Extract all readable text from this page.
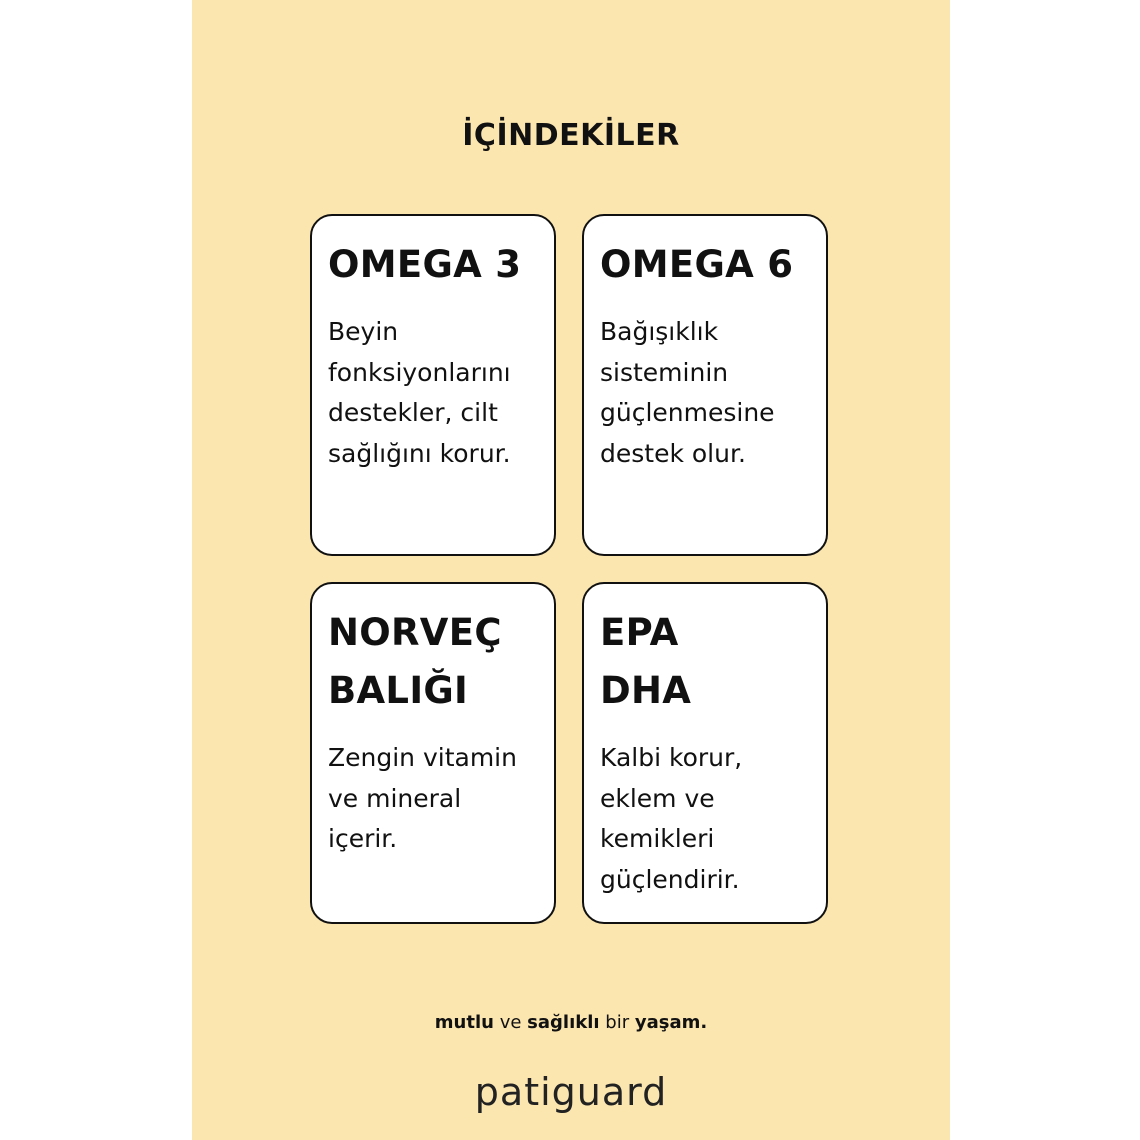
İÇİNDEKİLER
OMEGA 3
Beyin
fonksiyonlarını
destekler, cilt
sağlığını korur.
OMEGA 6
Bağışıklık
sisteminin
güçlenmesine
destek olur.
NORVEÇ
BALIĞI
Zengin vitamin
ve mineral
içerir.
EPA
DHA
Kalbi korur,
eklem ve
kemikleri
güçlendirir.
mutlu ve sağlıklı bir yaşam.
patiguard
